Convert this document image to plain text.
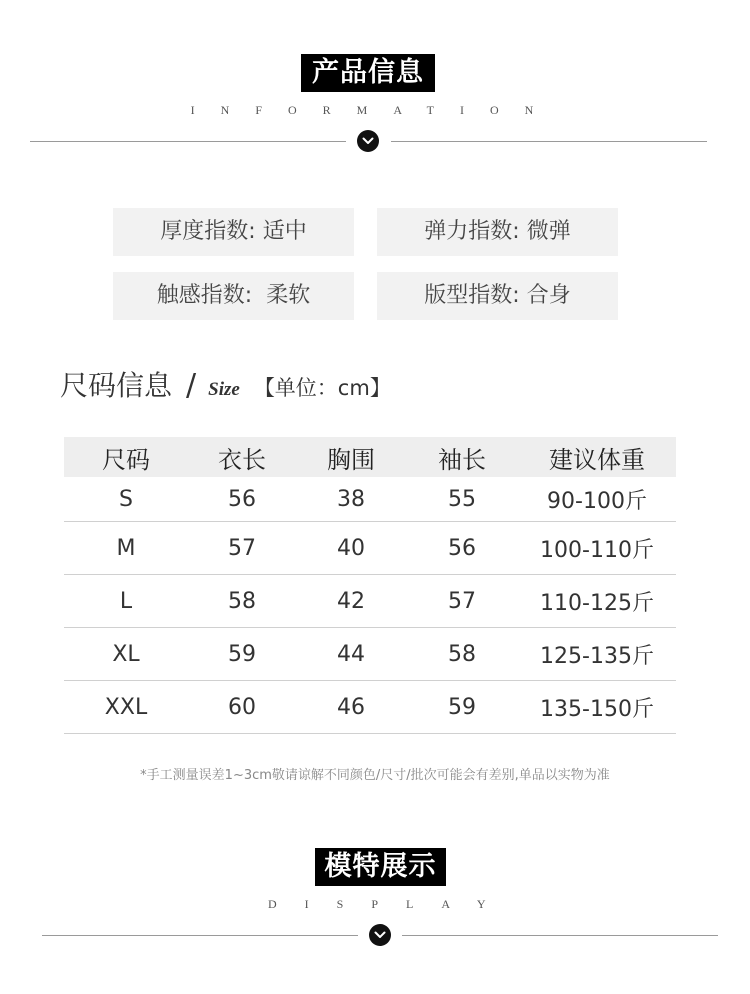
产品信息
INFORMATION
厚度指数: 适中	弹力指数: 微弹
触感指数: 柔软	版型指数: 合身
尺码信息 / Size 【单位：cm】
尺码	衣长	胸围	袖长	建议体重
S	56	38	55	90-100斤
M	57	40	56	100-110斤
L	58	42	57	110-125斤
XL	59	44	58	125-135斤
XXL	60	46	59	135-150斤
*手工测量误差1~3cm敬请谅解不同颜色/尺寸/批次可能会有差别,单品以实物为准
模特展示
DISPLAY
